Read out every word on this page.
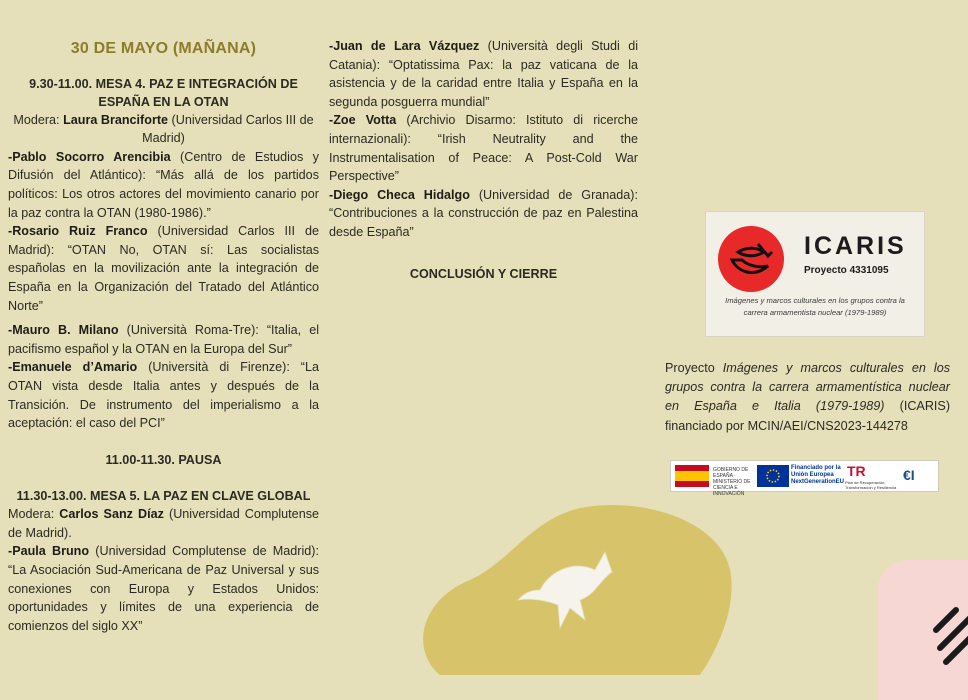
30 DE MAYO (MAÑANA)
9.30-11.00. MESA 4. PAZ E INTEGRACIÓN DE ESPAÑA EN LA OTAN
Modera: Laura Branciforte (Universidad Carlos III de Madrid)
-Pablo Socorro Arencibia (Centro de Estudios y Difusión del Atlántico): “Más allá de los partidos políticos: Los otros actores del movimiento canario por la paz contra la OTAN (1980-1986).”
-Rosario Ruiz Franco (Universidad Carlos III de Madrid): “OTAN No, OTAN sí: Las socialistas españolas en la movilización ante la integración de España en la Organización del Tratado del Atlántico Norte”
-Mauro B. Milano (Università Roma-Tre): “Italia, el pacifismo español y la OTAN en la Europa del Sur”
-Emanuele d’Amario (Università di Firenze): “La OTAN vista desde Italia antes y después de la Transición. De instrumento del imperialismo a la aceptación: el caso del PCI”
11.00-11.30. PAUSA
11.30-13.00. MESA 5. LA PAZ EN CLAVE GLOBAL
Modera: Carlos Sanz Díaz (Universidad Complutense de Madrid).
-Paula Bruno (Universidad Complutense de Madrid): “La Asociación Sud-Americana de Paz Universal y sus conexiones con Europa y Estados Unidos: oportunidades y límites de una experiencia de comienzos del siglo XX”
-Juan de Lara Vázquez (Università degli Studi di Catania): “Optatissima Pax: la paz vaticana de la asistencia y de la caridad entre Italia y España en la segunda posguerra mundial”
-Zoe Votta (Archivio Disarmo: Istituto di ricerche internazionali): “Irish Neutrality and the Instrumentalisation of Peace: A Post-Cold War Perspective”
-Diego Checa Hidalgo (Universidad de Granada): “Contribuciones a la construcción de paz en Palestina desde España”
CONCLUSIÓN Y CIERRE
ICARIS
Proyecto 4331095
Imágenes y marcos culturales en los grupos contra la carrera armamentista nuclear (1979-1989)
Proyecto Imágenes y marcos culturales en los grupos contra la carrera armamentística nuclear en España e Italia (1979-1989) (ICARIS) financiado por MCIN/AEI/CNS2023-144278
GOBIERNO DE ESPAÑA · MINISTERIO DE CIENCIA E INNOVACIÓN
Financiado por la Unión Europea NextGenerationEU
TR
Plan de Recuperación, Transformación y Resiliencia
€I
